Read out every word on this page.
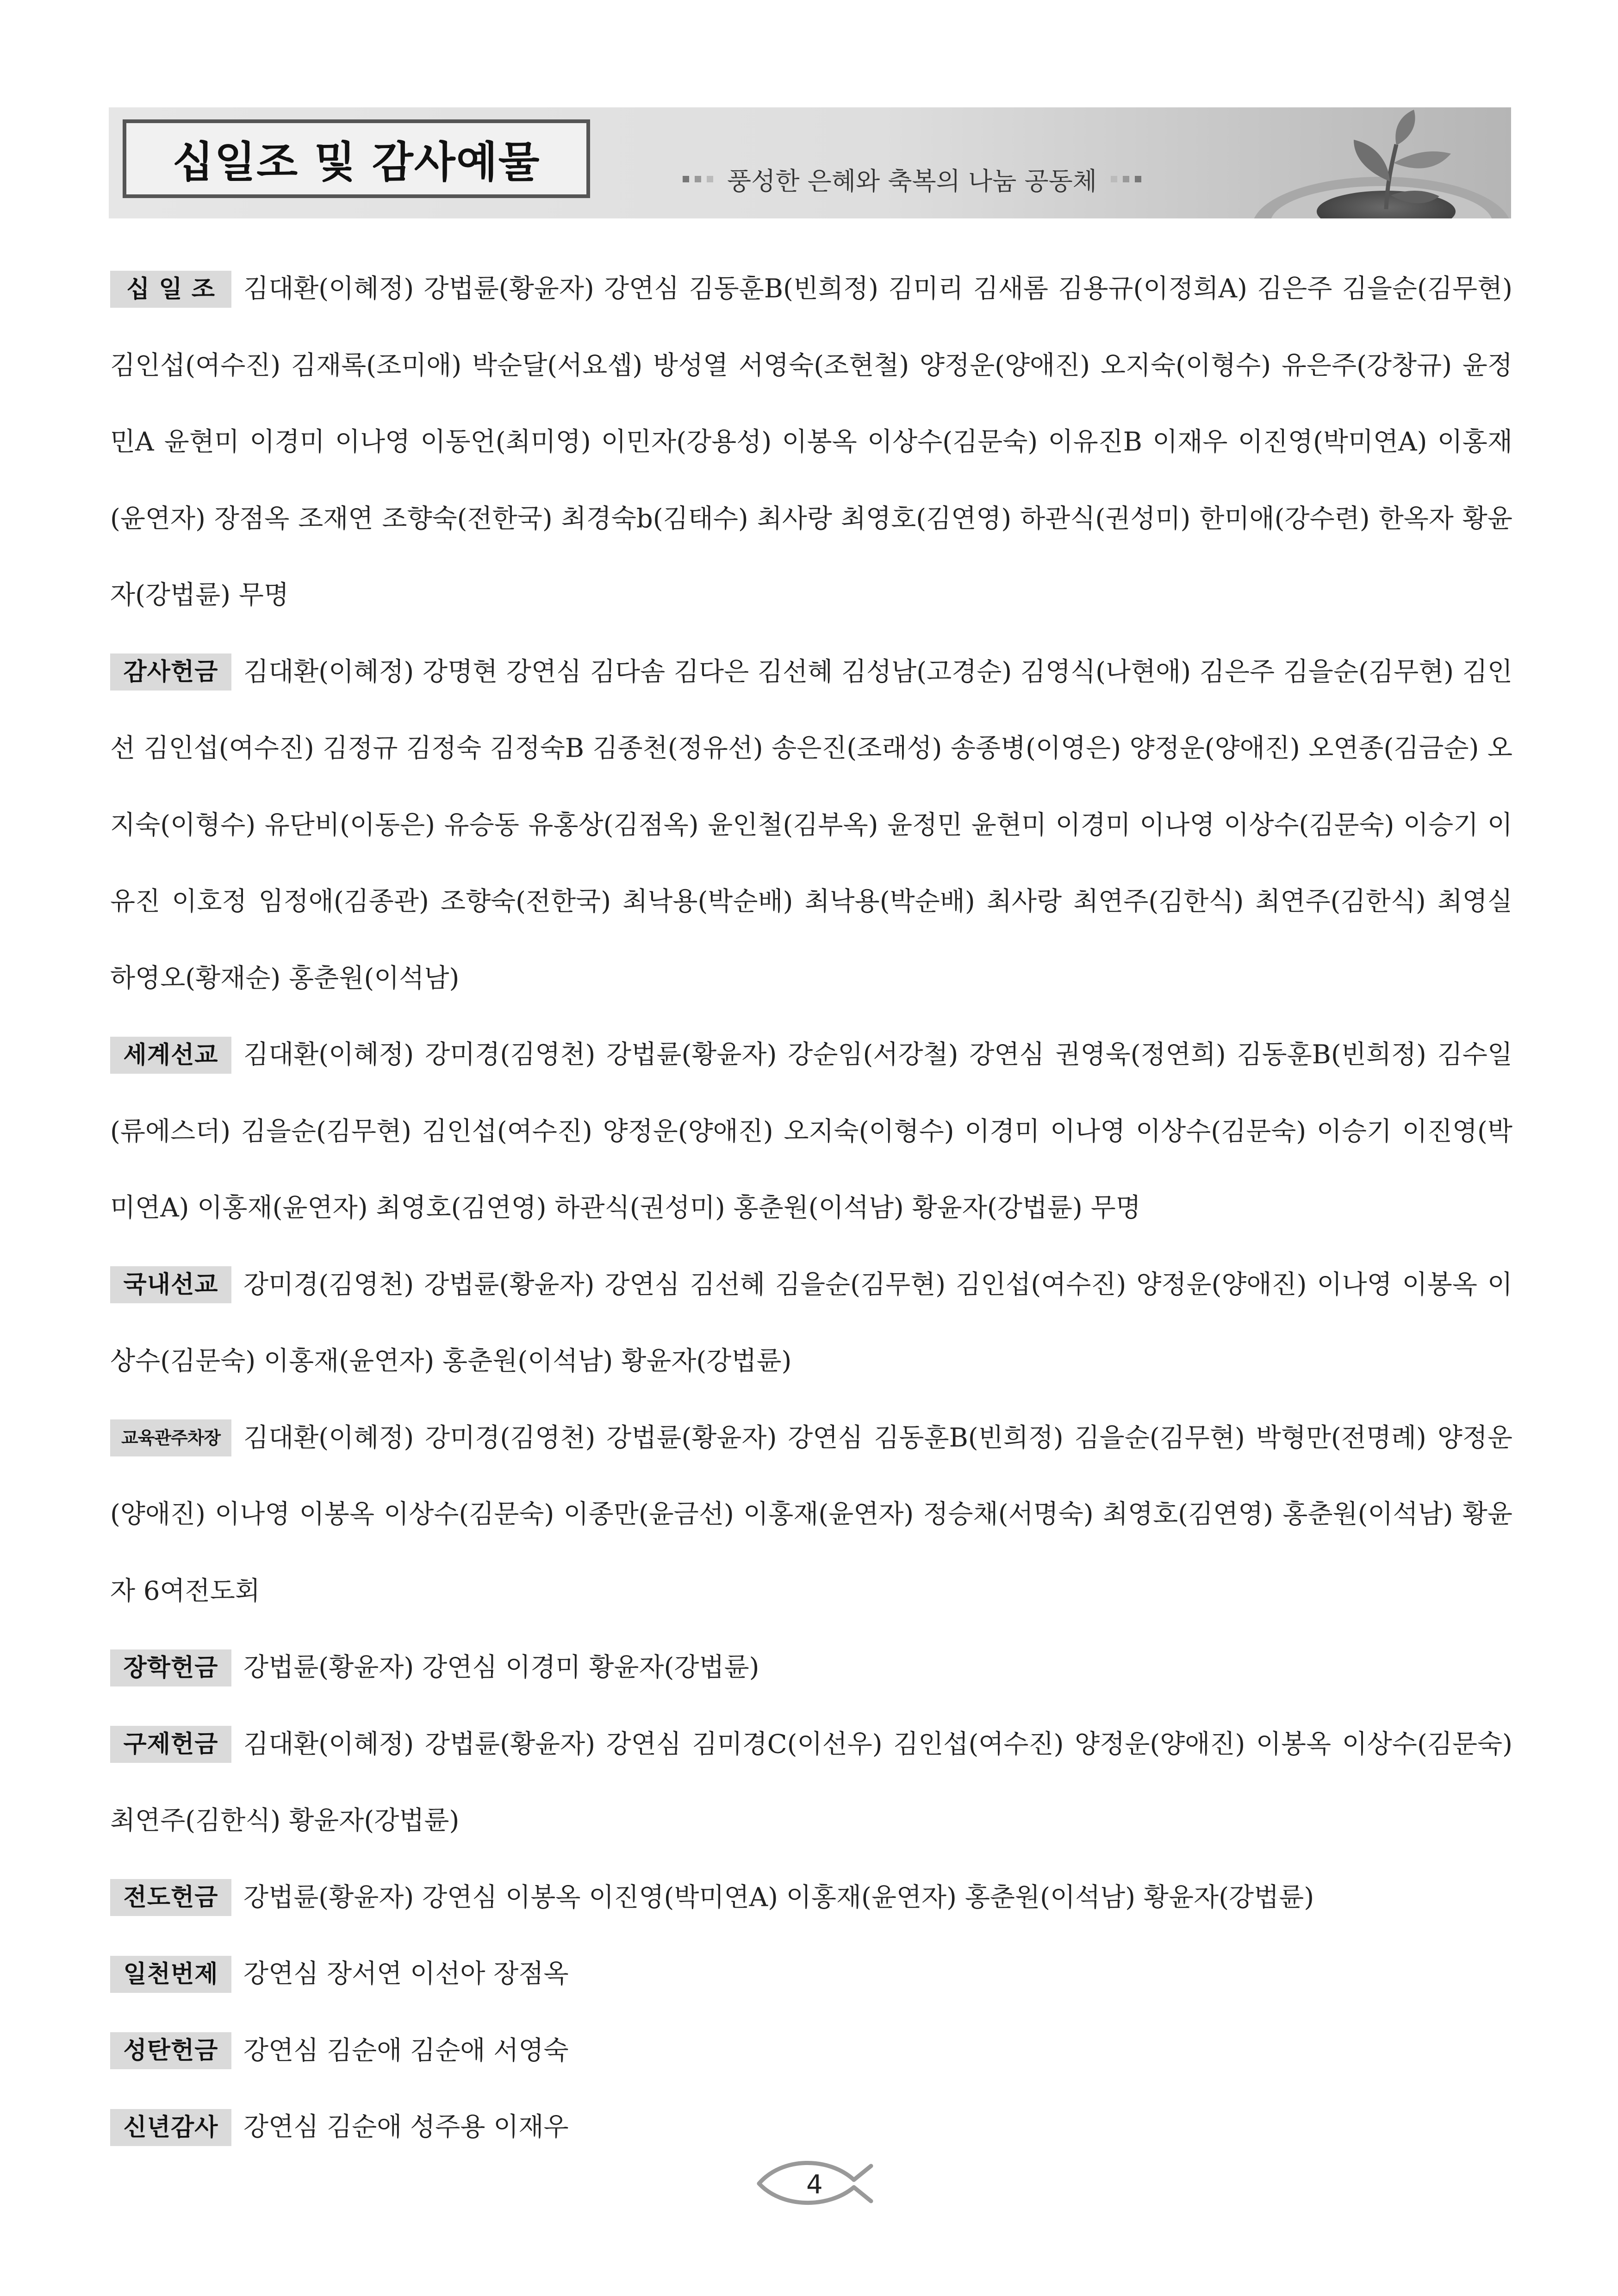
십일조 및 감사예물	풍성한 은혜와 축복의 나눔 공동체

십 일 조 김대환(이혜정) 강법륜(황윤자) 강연심 김동훈B(빈희정) 김미리 김새롬 김용규(이정희A) 김은주 김을순(김무현) 김인섭(여수진) 김재록(조미애) 박순달(서요셉) 방성열 서영숙(조현철) 양정운(양애진) 오지숙(이형수) 유은주(강창규) 윤정민A 윤현미 이경미 이나영 이동언(최미영) 이민자(강용성) 이봉옥 이상수(김문숙) 이유진B 이재우 이진영(박미연A) 이홍재(윤연자) 장점옥 조재연 조향숙(전한국) 최경숙b(김태수) 최사랑 최영호(김연영) 하관식(권성미) 한미애(강수련) 한옥자 황윤자(강법륜) 무명

감사헌금 김대환(이혜정) 강명현 강연심 김다솜 김다은 김선혜 김성남(고경순) 김영식(나현애) 김은주 김을순(김무현) 김인선 김인섭(여수진) 김정규 김정숙 김정숙B 김종천(정유선) 송은진(조래성) 송종병(이영은) 양정운(양애진) 오연종(김금순) 오지숙(이형수) 유단비(이동은) 유승동 유홍상(김점옥) 윤인철(김부옥) 윤정민 윤현미 이경미 이나영 이상수(김문숙) 이승기 이유진 이호정 임정애(김종관) 조향숙(전한국) 최낙용(박순배) 최낙용(박순배) 최사랑 최연주(김한식) 최연주(김한식) 최영실 하영오(황재순) 홍춘원(이석남)

세계선교 김대환(이혜정) 강미경(김영천) 강법륜(황윤자) 강순임(서강철) 강연심 권영욱(정연희) 김동훈B(빈희정) 김수일(류에스더) 김을순(김무현) 김인섭(여수진) 양정운(양애진) 오지숙(이형수) 이경미 이나영 이상수(김문숙) 이승기 이진영(박미연A) 이홍재(윤연자) 최영호(김연영) 하관식(권성미) 홍춘원(이석남) 황윤자(강법륜) 무명

국내선교 강미경(김영천) 강법륜(황윤자) 강연심 김선혜 김을순(김무현) 김인섭(여수진) 양정운(양애진) 이나영 이봉옥 이상수(김문숙) 이홍재(윤연자) 홍춘원(이석남) 황윤자(강법륜)

교육관주차장 김대환(이혜정) 강미경(김영천) 강법륜(황윤자) 강연심 김동훈B(빈희정) 김을순(김무현) 박형만(전명례) 양정운(양애진) 이나영 이봉옥 이상수(김문숙) 이종만(윤금선) 이홍재(윤연자) 정승채(서명숙) 최영호(김연영) 홍춘원(이석남) 황윤자 6여전도회

장학헌금 강법륜(황윤자) 강연심 이경미 황윤자(강법륜)

구제헌금 김대환(이혜정) 강법륜(황윤자) 강연심 김미경C(이선우) 김인섭(여수진) 양정운(양애진) 이봉옥 이상수(김문숙) 최연주(김한식) 황윤자(강법륜)

전도헌금 강법륜(황윤자) 강연심 이봉옥 이진영(박미연A) 이홍재(윤연자) 홍춘원(이석남) 황윤자(강법륜)

일천번제 강연심 장서연 이선아 장점옥

성탄헌금 강연심 김순애 김순애 서영숙

신년감사 강연심 김순애 성주용 이재우

4
